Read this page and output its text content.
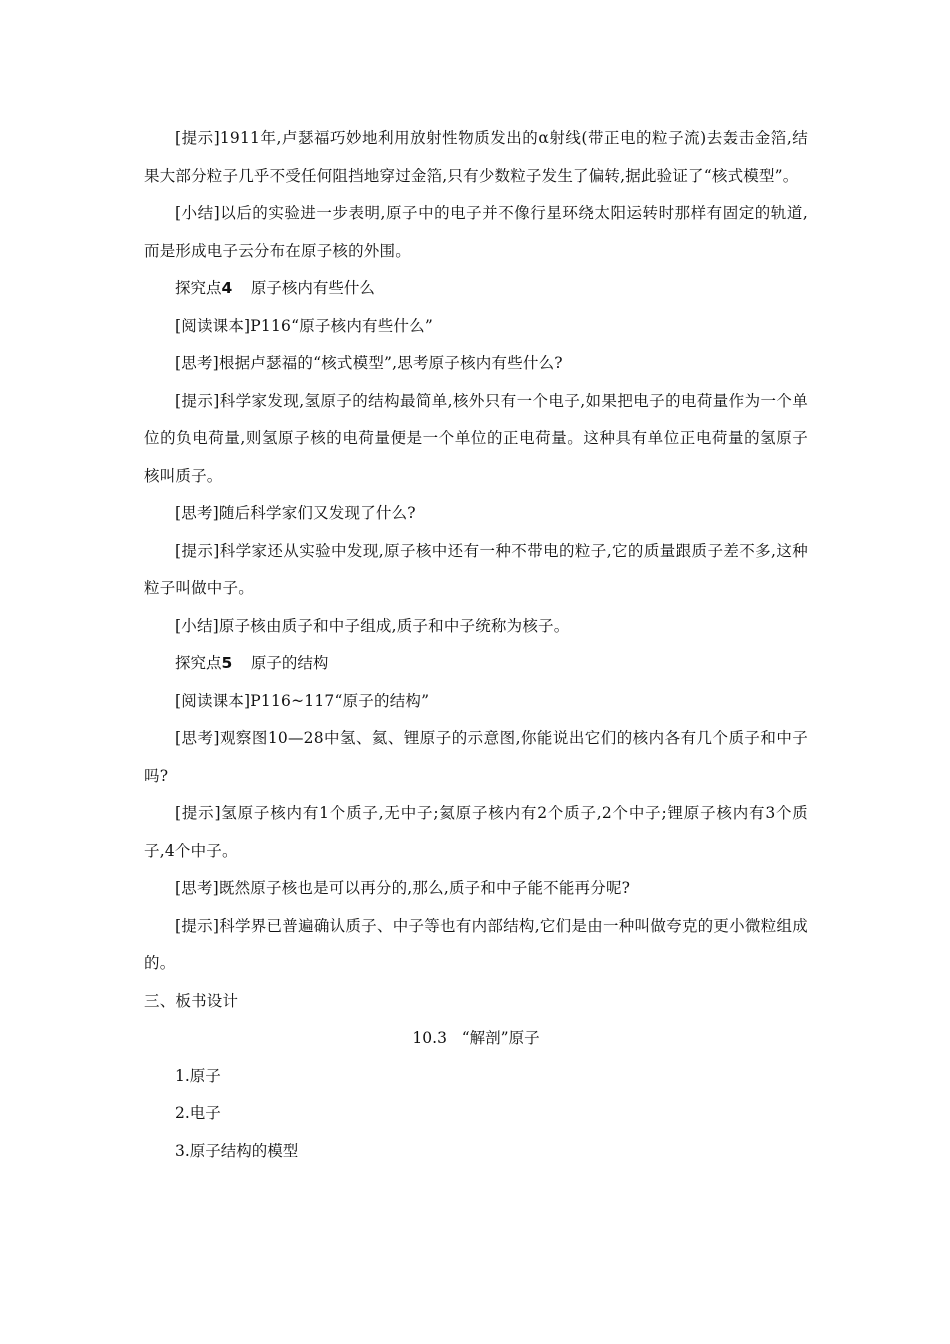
[提示]1911年,卢瑟福巧妙地利用放射性物质发出的α射线(带正电的粒子流)去轰击金箔,结果大部分粒子几乎不受任何阻挡地穿过金箔,只有少数粒子发生了偏转,据此验证了“核式模型”。

[小结]以后的实验进一步表明,原子中的电子并不像行星环绕太阳运转时那样有固定的轨道,而是形成电子云分布在原子核的外围。

探究点4 原子核内有些什么

[阅读课本]P116“原子核内有些什么”

[思考]根据卢瑟福的“核式模型”,思考原子核内有些什么?

[提示]科学家发现,氢原子的结构最简单,核外只有一个电子,如果把电子的电荷量作为一个单位的负电荷量,则氢原子核的电荷量便是一个单位的正电荷量。这种具有单位正电荷量的氢原子核叫质子。

[思考]随后科学家们又发现了什么?

[提示]科学家还从实验中发现,原子核中还有一种不带电的粒子,它的质量跟质子差不多,这种粒子叫做中子。

[小结]原子核由质子和中子组成,质子和中子统称为核子。

探究点5 原子的结构

[阅读课本]P116~117“原子的结构”

[思考]观察图10—28中氢、氦、锂原子的示意图,你能说出它们的核内各有几个质子和中子吗?

[提示]氢原子核内有1个质子,无中子;氦原子核内有2个质子,2个中子;锂原子核内有3个质子,4个中子。

[思考]既然原子核也是可以再分的,那么,质子和中子能不能再分呢?

[提示]科学界已普遍确认质子、中子等也有内部结构,它们是由一种叫做夸克的更小微粒组成的。

三、板书设计

10.3 “解剖”原子

1.原子

2.电子

3.原子结构的模型
